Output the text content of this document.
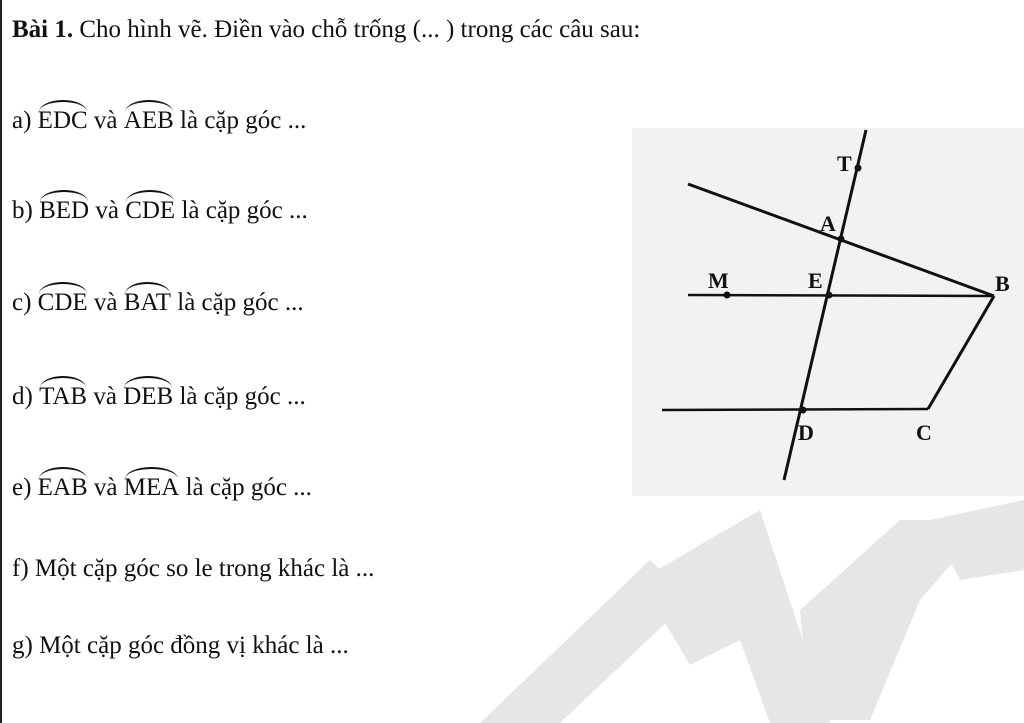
Bài 1. Cho hình vẽ. Điền vào chỗ trống (... ) trong các câu sau:
a) EDC và AEB là cặp góc ...
b) BED và CDE là cặp góc ...
c) CDE và BAT là cặp góc ...
d) TAB và DEB là cặp góc ...
e) EAB và MEA là cặp góc ...
f) Một cặp góc so le trong khác là ...
g) Một cặp góc đồng vị khác là ...
T
A
M	E	B
D	C
